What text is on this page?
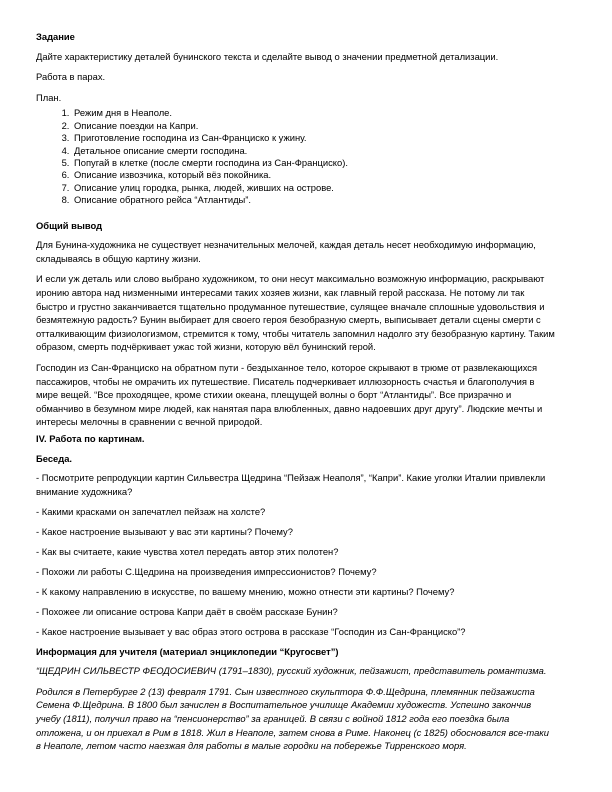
Задание

Дайте характеристику деталей бунинского текста и сделайте вывод о значении предметной детализации.

Работа в парах.

План.

1. Режим дня в Неаполе.
2. Описание поездки на Капри.
3. Приготовление господина из Сан-Франциско к ужину.
4. Детальное описание смерти господина.
5. Попугай в клетке (после смерти господина из Сан-Франциско).
6. Описание извозчика, который вёз покойника.
7. Описание улиц городка, рынка, людей, живших на острове.
8. Описание обратного рейса “Атлантиды”.

Общий вывод

Для Бунина-художника не существует незначительных мелочей, каждая деталь несет необходимую информацию, складываясь в общую картину жизни.

И если уж деталь или слово выбрано художником, то они несут максимально возможную информацию, раскрывают иронию автора над низменными интересами таких хозяев жизни, как главный герой рассказа. Не потому ли так быстро и грустно заканчивается тщательно продуманное путешествие, сулящее вначале сплошные удовольствия и безмятежную радость? Бунин выбирает для своего героя безобразную смерть, выписывает детали сцены смерти с отталкивающим физиологизмом, стремится к тому, чтобы читатель запомнил надолго эту безобразную картину. Таким образом, смерть подчёркивает ужас той жизни, которую вёл бунинский герой.

Господин из Сан-Франциско на обратном пути - бездыханное тело, которое скрывают в трюме от развлекающихся пассажиров, чтобы не омрачить их путешествие. Писатель подчеркивает иллюзорность счастья и благополучия в мире вещей. “Все проходящее, кроме стихии океана, плещущей волны о борт “Атлантиды”. Все призрачно и обманчиво в безумном мире людей, как нанятая пара влюбленных, давно надоевших друг другу”. Людские мечты и интересы мелочны в сравнении с вечной природой.

IV. Работа по картинам.

Беседа.

- Посмотрите репродукции картин Сильвестра Щедрина “Пейзаж Неаполя”, “Капри”. Какие уголки Италии привлекли внимание художника?

- Какими красками он запечатлел пейзаж на холсте?

- Какое настроение вызывают у вас эти картины? Почему?

- Как вы считаете, какие чувства хотел передать автор этих полотен?

- Похожи ли работы С.Щедрина на произведения импрессионистов? Почему?

- К какому направлению в искусстве, по вашему мнению, можно отнести эти картины? Почему?

- Похожее ли описание острова Капри даёт в своём рассказе Бунин?

- Какое настроение вызывает у вас образ этого острова в рассказе “Господин из Сан-Франциско”?

Информация для учителя (материал энциклопедии “Кругосвет”)

“ЩЕДРИН СИЛЬВЕСТР ФЕОДОСИЕВИЧ (1791–1830), русский художник, пейзажист, представитель романтизма.

Родился в Петербурге 2 (13) февраля 1791. Сын известного скульптора Ф.Ф.Щедрина, племянник пейзажиста Семена Ф.Щедрина. В 1800 был зачислен в Воспитательное училище Академии художеств. Успешно закончив учебу (1811), получил право на “пенсионерство” за границей. В связи с войной 1812 года его поездка была отложена, и он приехал в Рим в 1818. Жил в Неаполе, затем снова в Риме. Наконец (с 1825) обосновался все-таки в Неаполе, летом часто наезжая для работы в малые городки на побережье Тирренского моря.
